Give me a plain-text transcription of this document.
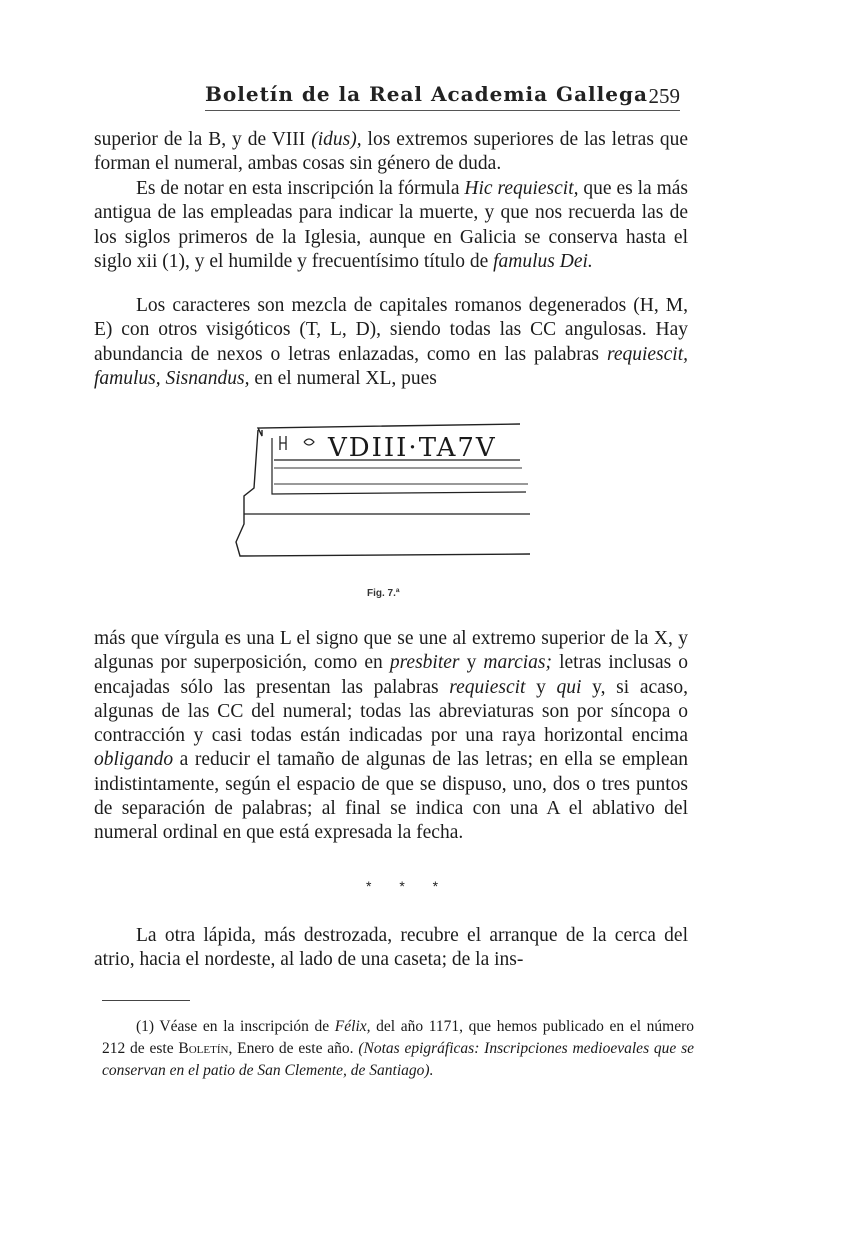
Boletín de la Real Academia Gallega 259

superior de la B, y de VIII (idus), los extremos superiores de las letras que forman el numeral, ambas cosas sin género de duda.

Es de notar en esta inscripción la fórmula Hic requiescit, que es la más antigua de las empleadas para indicar la muerte, y que nos recuerda las de los siglos primeros de la Iglesia, aunque en Galicia se conserva hasta el siglo xii (1), y el humilde y frecuentísimo título de famulus Dei.

Los caracteres son mezcla de capitales romanos degenerados (H, M, E) con otros visigóticos (T, L, D), siendo todas las CC angulosas. Hay abundancia de nexos o letras enlazadas, como en las palabras requiescit, famulus, Sisnandus, en el numeral XL, pues

VDIII·TA7V
Fig. 7.ª

más que vírgula es una L el signo que se une al extremo superior de la X, y algunas por superposición, como en presbiter y marcias; letras inclusas o encajadas sólo las presentan las palabras requiescit y qui y, si acaso, algunas de las CC del numeral; todas las abreviaturas son por síncopa o contracción y casi todas están indicadas por una raya horizontal encima obligando a reducir el tamaño de algunas de las letras; en ella se emplean indistintamente, según el espacio de que se dispuso, uno, dos o tres puntos de separación de palabras; al final se indica con una A el ablativo del numeral ordinal en que está expresada la fecha.

* * *

La otra lápida, más destrozada, recubre el arranque de la cerca del atrio, hacia el nordeste, al lado de una caseta; de la ins-

(1) Véase en la inscripción de Félix, del año 1171, que hemos publicado en el número 212 de este Boletín, Enero de este año. (Notas epigráficas: Inscripciones medioevales que se conservan en el patio de San Clemente, de Santiago).
